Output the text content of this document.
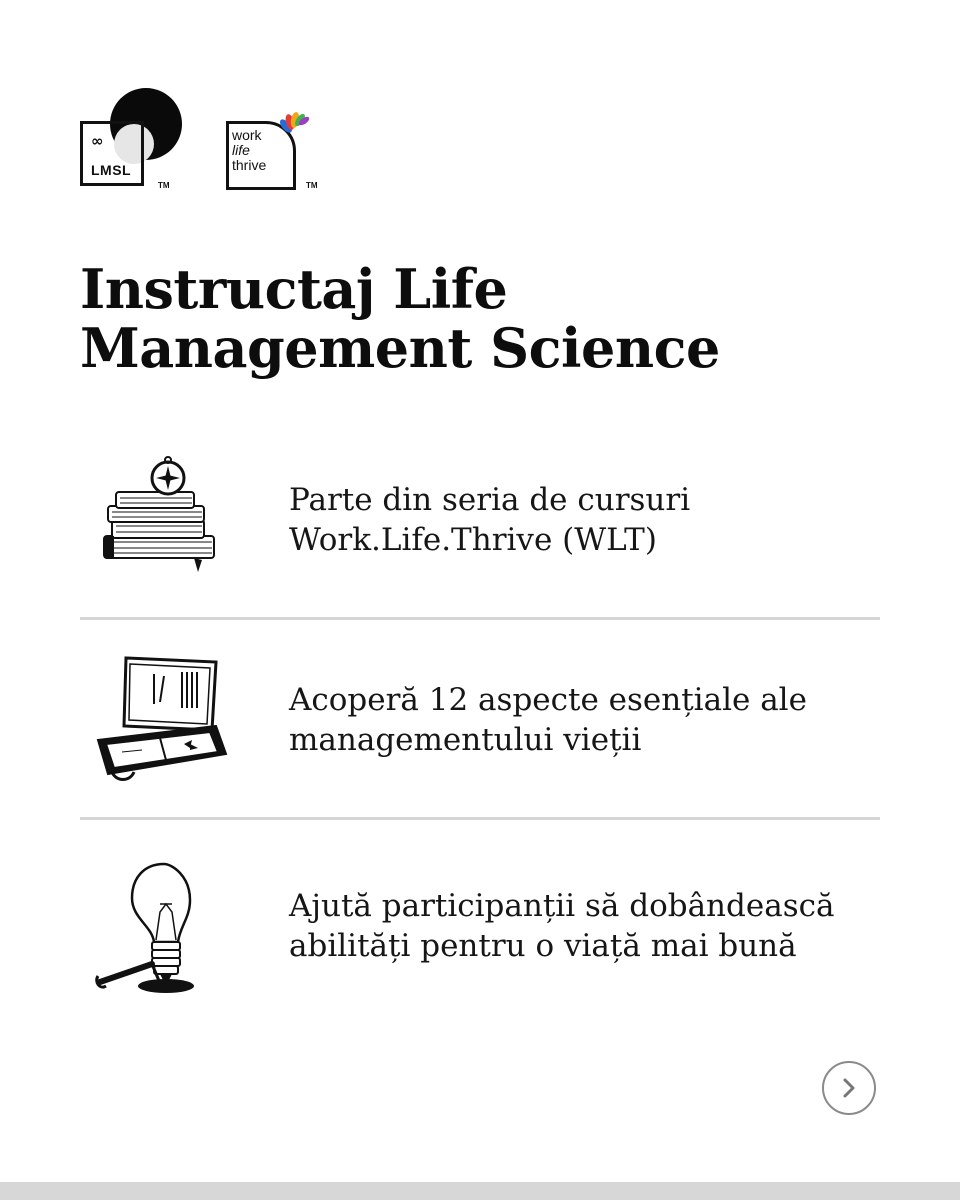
∞
LMSL
TM
work
life
thrive
TM
Instructaj Life Management Science
Parte din seria de cursuri Work.Life.Thrive (WLT)
Acoperă 12 aspecte esențiale ale managementului vieții
Ajută participanții să dobândească abilități pentru o viață mai bună
